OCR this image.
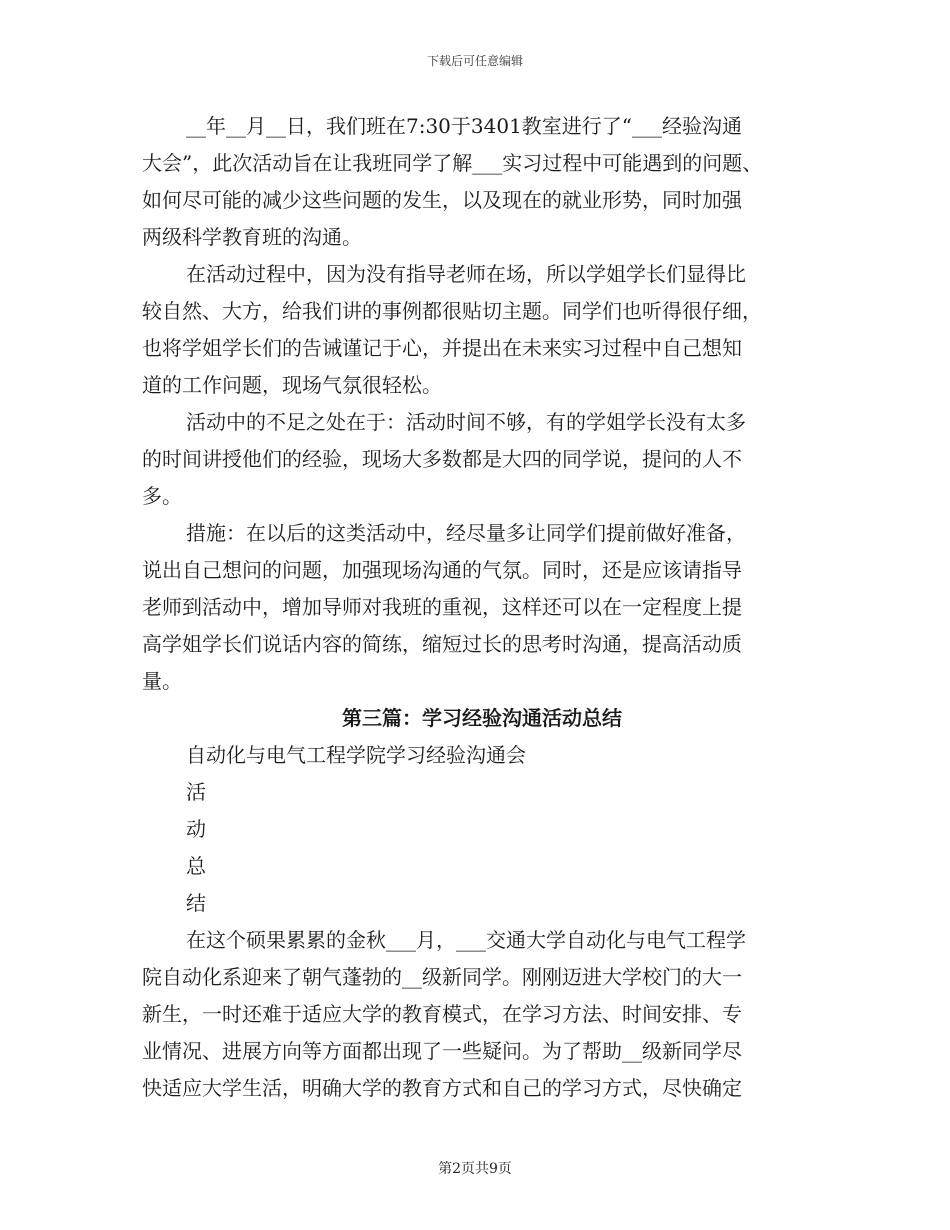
下载后可任意编辑
__年__月__日，我们班在7:30于3401教室进行了“___经验沟通
大会”，此次活动旨在让我班同学了解___实习过程中可能遇到的问题、
如何尽可能的减少这些问题的发生，以及现在的就业形势，同时加强
两级科学教育班的沟通。
在活动过程中，因为没有指导老师在场，所以学姐学长们显得比
较自然、大方，给我们讲的事例都很贴切主题。同学们也听得很仔细，
也将学姐学长们的告诫谨记于心，并提出在未来实习过程中自己想知
道的工作问题，现场气氛很轻松。
活动中的不足之处在于：活动时间不够，有的学姐学长没有太多
的时间讲授他们的经验，现场大多数都是大四的同学说，提问的人不
多。
措施：在以后的这类活动中，经尽量多让同学们提前做好准备，
说出自己想问的问题，加强现场沟通的气氛。同时，还是应该请指导
老师到活动中，增加导师对我班的重视，这样还可以在一定程度上提
高学姐学长们说话内容的简练，缩短过长的思考时沟通，提高活动质
量。
第三篇：学习经验沟通活动总结
自动化与电气工程学院学习经验沟通会
活
动
总
结
在这个硕果累累的金秋___月，___交通大学自动化与电气工程学
院自动化系迎来了朝气蓬勃的__级新同学。刚刚迈进大学校门的大一
新生，一时还难于适应大学的教育模式，在学习方法、时间安排、专
业情况、进展方向等方面都出现了一些疑问。为了帮助__级新同学尽
快适应大学生活，明确大学的教育方式和自己的学习方式，尽快确定
第2页共9页
